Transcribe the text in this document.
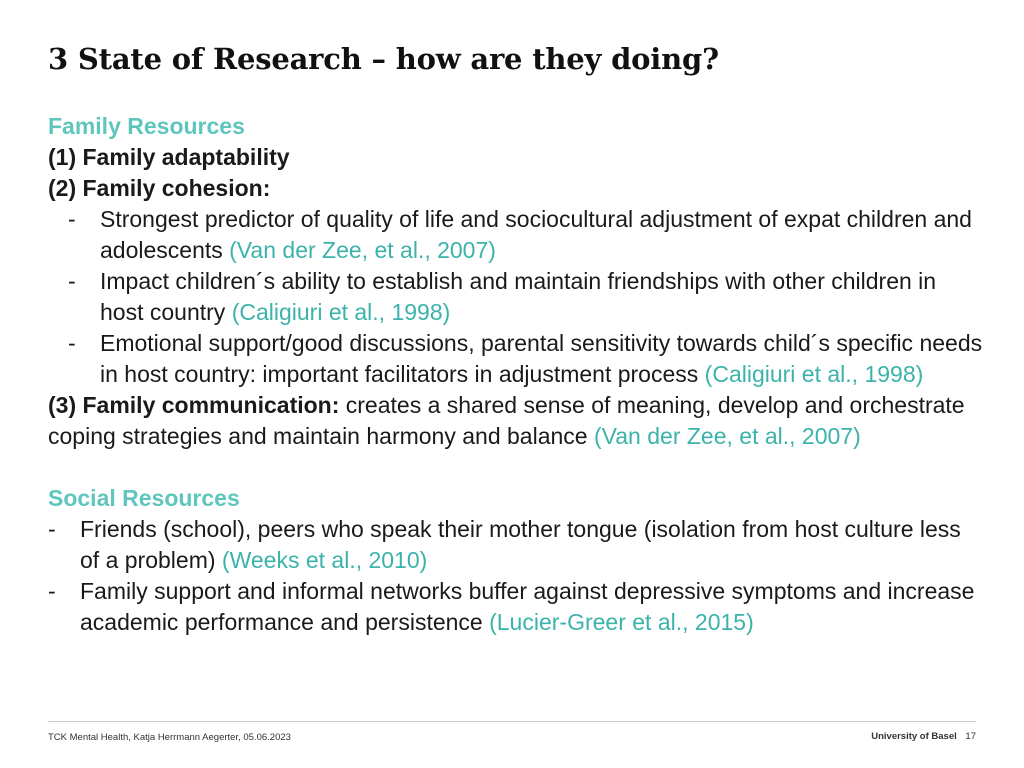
3 State of Research – how are they doing?

Family Resources

(1) Family adaptability

(2) Family cohesion:

- Strongest predictor of quality of life and sociocultural adjustment of expat children and adolescents (Van der Zee, et al., 2007)

- Impact children´s ability to establish and maintain friendships with other children in host country (Caligiuri et al., 1998)

- Emotional support/good discussions, parental sensitivity towards child´s specific needs in host country: important facilitators in adjustment process (Caligiuri et al., 1998)

(3) Family communication: creates a shared sense of meaning, develop and orchestrate coping strategies and maintain harmony and balance (Van der Zee, et al., 2007)

Social Resources

- Friends (school), peers who speak their mother tongue (isolation from host culture less of a problem) (Weeks et al., 2010)

- Family support and informal networks buffer against depressive symptoms and increase academic performance and persistence (Lucier-Greer et al., 2015)

TCK Mental Health, Katja Herrmann Aegerter, 05.06.2023	University of Basel 17
